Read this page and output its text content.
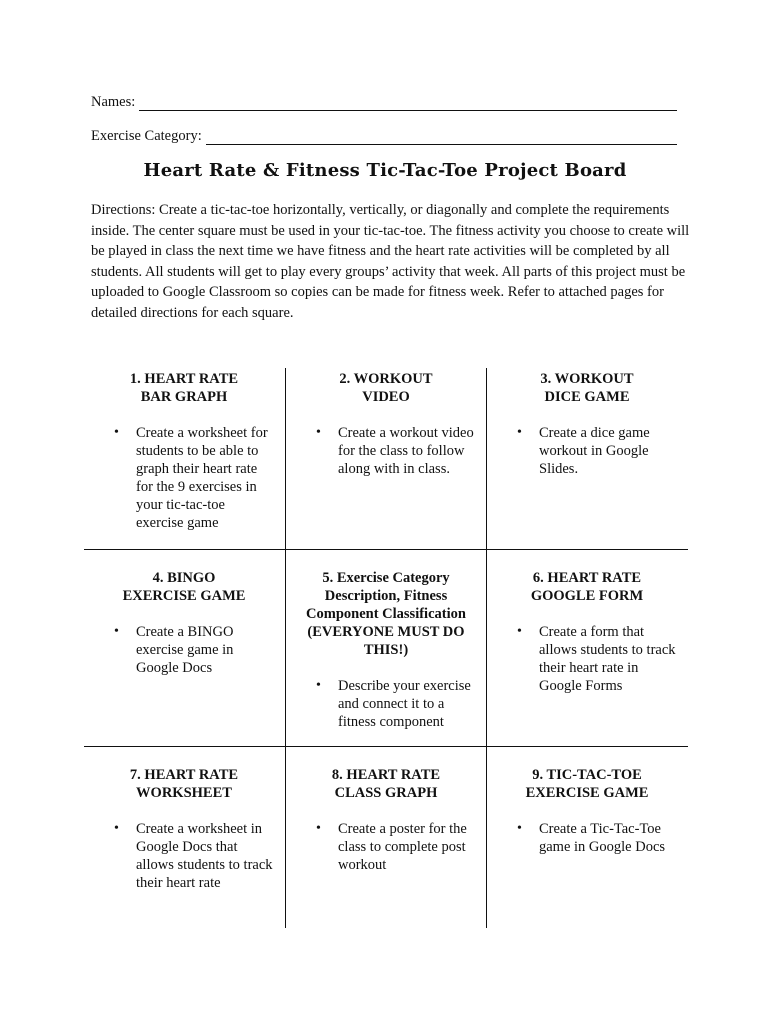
Names:
Exercise Category:
Heart Rate & Fitness Tic-Tac-Toe Project Board
Directions: Create a tic-tac-toe horizontally, vertically, or diagonally and complete the requirements inside. The center square must be used in your tic-tac-toe. The fitness activity you choose to create will be played in class the next time we have fitness and the heart rate activities will be completed by all students. All students will get to play every groups’ activity that week. All parts of this project must be uploaded to Google Classroom so copies can be made for fitness week. Refer to attached pages for detailed directions for each square.
1. HEART RATE BAR GRAPH
• Create a worksheet for students to be able to graph their heart rate for the 9 exercises in your tic-tac-toe exercise game
2. WORKOUT VIDEO
• Create a workout video for the class to follow along with in class.
3. WORKOUT DICE GAME
• Create a dice game workout in Google Slides.
4. BINGO EXERCISE GAME
• Create a BINGO exercise game in Google Docs
5. Exercise Category Description, Fitness Component Classification (EVERYONE MUST DO THIS!)
• Describe your exercise and connect it to a fitness component
6. HEART RATE GOOGLE FORM
• Create a form that allows students to track their heart rate in Google Forms
7. HEART RATE WORKSHEET
• Create a worksheet in Google Docs that allows students to track their heart rate
8. HEART RATE CLASS GRAPH
• Create a poster for the class to complete post workout
9. TIC-TAC-TOE EXERCISE GAME
• Create a Tic-Tac-Toe game in Google Docs
